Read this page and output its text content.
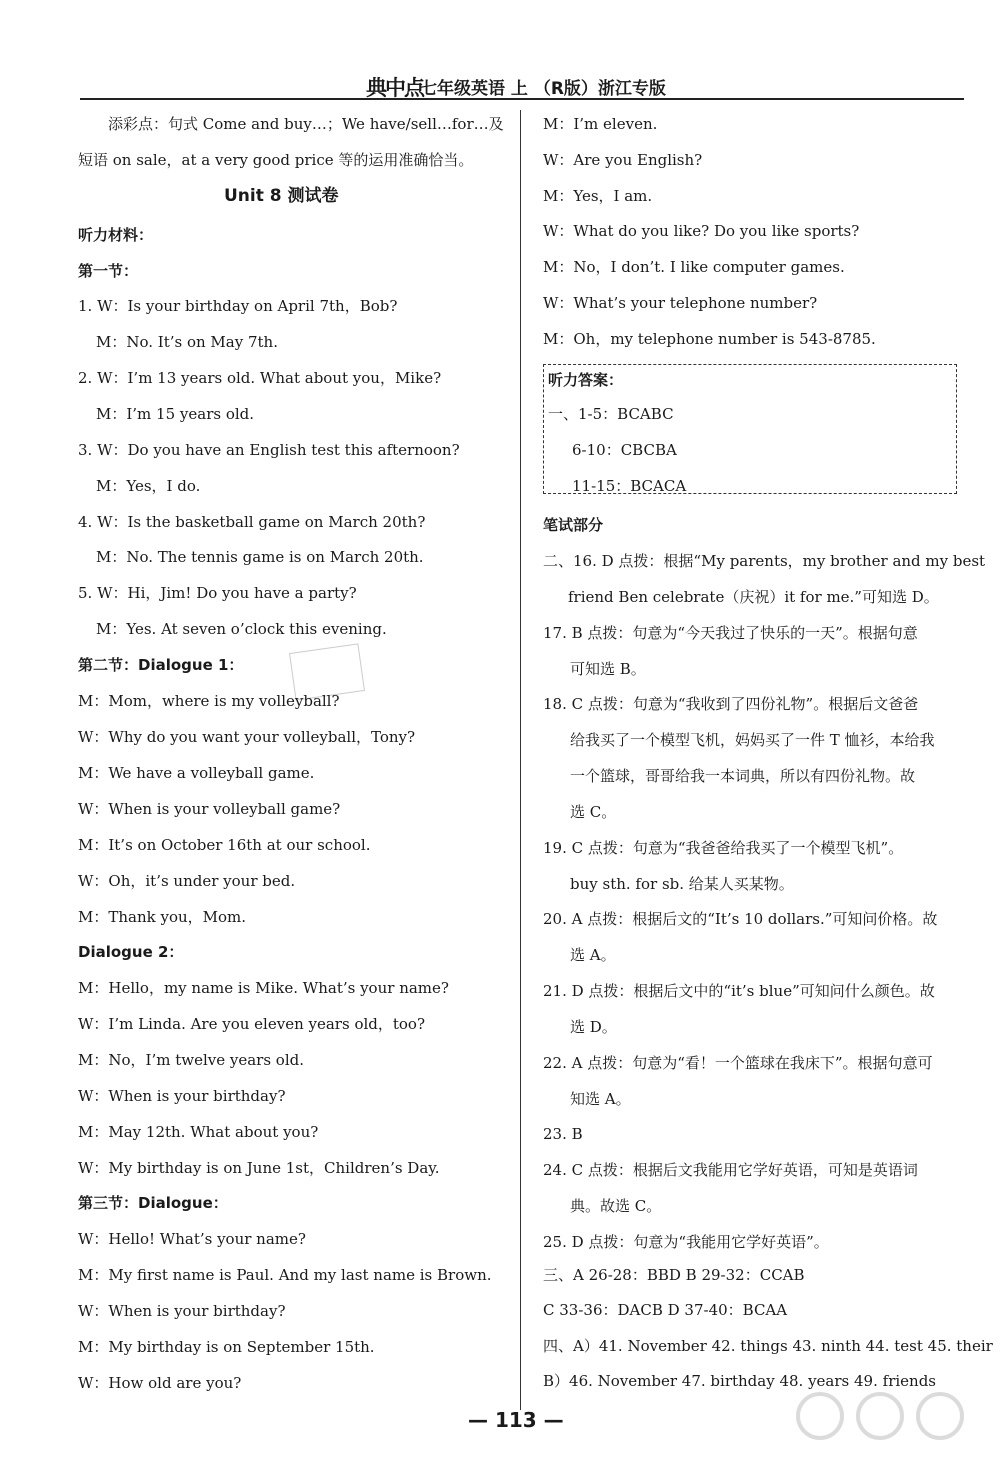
典中点
七年级英语 上 （R版）浙江专版
添彩点：句式 Come and buy…；We have/sell…for…及
短语 on sale，at a very good price 等的运用准确恰当。
Unit 8 测试卷
听力材料：
第一节：
1. W：Is your birthday on April 7th，Bob?
M：No. It’s on May 7th.
2. W：I’m 13 years old. What about you，Mike?
M：I’m 15 years old.
3. W：Do you have an English test this afternoon?
M：Yes，I do.
4. W：Is the basketball game on March 20th?
M：No. The tennis game is on March 20th.
5. W：Hi，Jim! Do you have a party?
M：Yes. At seven o’clock this evening.
第二节：Dialogue 1：
M：Mom，where is my volleyball?
W：Why do you want your volleyball，Tony?
M：We have a volleyball game.
W：When is your volleyball game?
M：It’s on October 16th at our school.
W：Oh，it’s under your bed.
M：Thank you，Mom.
Dialogue 2：
M：Hello，my name is Mike. What’s your name?
W：I’m Linda. Are you eleven years old，too?
M：No，I’m twelve years old.
W：When is your birthday?
M：May 12th. What about you?
W：My birthday is on June 1st，Children’s Day.
第三节：Dialogue：
W：Hello! What’s your name?
M：My first name is Paul. And my last name is Brown.
W：When is your birthday?
M：My birthday is on September 15th.
W：How old are you?
M：I’m eleven.
W：Are you English?
M：Yes，I am.
W：What do you like? Do you like sports?
M：No，I don’t. I like computer games.
W：What’s your telephone number?
M：Oh，my telephone number is 543-8785.
听力答案：
一、1-5：BCABC
6-10：CBCBA
11-15：BCACA
笔试部分
二、16. D 点拨：根据“My parents，my brother and my best
friend Ben celebrate（庆祝）it for me.”可知选 D。
17. B 点拨：句意为“今天我过了快乐的一天”。根据句意
可知选 B。
18. C 点拨：句意为“我收到了四份礼物”。根据后文爸爸
给我买了一个模型飞机，妈妈买了一件 T 恤衫，本给我
一个篮球，哥哥给我一本词典，所以有四份礼物。故
选 C。
19. C 点拨：句意为“我爸爸给我买了一个模型飞机”。
buy sth. for sb. 给某人买某物。
20. A 点拨：根据后文的“It’s 10 dollars.”可知问价格。故
选 A。
21. D 点拨：根据后文中的“it’s blue”可知问什么颜色。故
选 D。
22. A 点拨：句意为“看！一个篮球在我床下”。根据句意可
知选 A。
23. B
24. C 点拨：根据后文我能用它学好英语，可知是英语词
典。故选 C。
25. D 点拨：句意为“我能用它学好英语”。
三、A 26-28：BBD B 29-32：CCAB
C 33-36：DACB D 37-40：BCAA
四、A）41. November 42. things 43. ninth 44. test 45. their
B）46. November 47. birthday 48. years 49. friends
— 113 —
